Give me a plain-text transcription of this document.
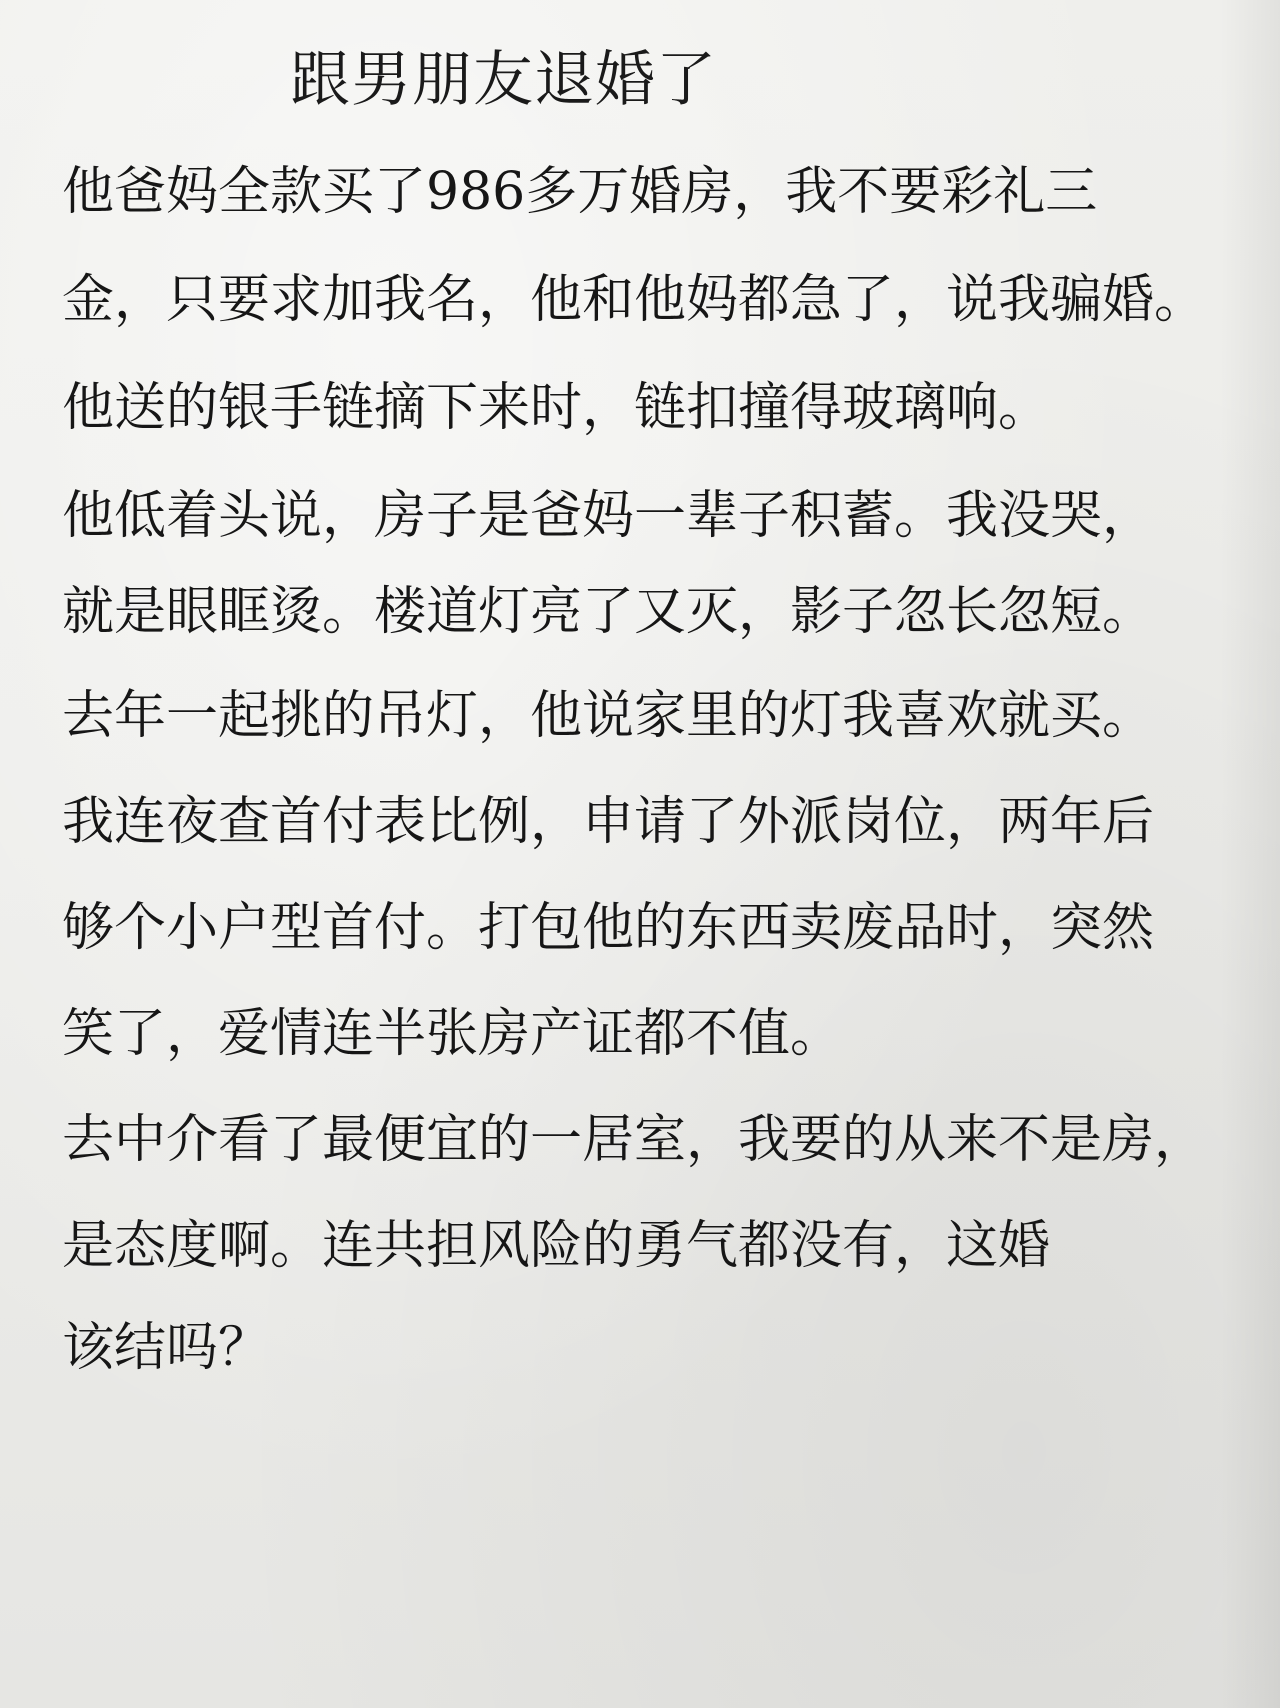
跟男朋友退婚了
他爸妈全款买了986多万婚房，我不要彩礼三
金，只要求加我名，他和他妈都急了，说我骗婚。
他送的银手链摘下来时，链扣撞得玻璃响。
他低着头说，房子是爸妈一辈子积蓄。我没哭，
就是眼眶烫。楼道灯亮了又灭，影子忽长忽短。
去年一起挑的吊灯，他说家里的灯我喜欢就买。
我连夜查首付表比例，申请了外派岗位，两年后
够个小户型首付。打包他的东西卖废品时，突然
笑了，爱情连半张房产证都不值。
去中介看了最便宜的一居室，我要的从来不是房，
是态度啊。连共担风险的勇气都没有，这婚
该结吗？
